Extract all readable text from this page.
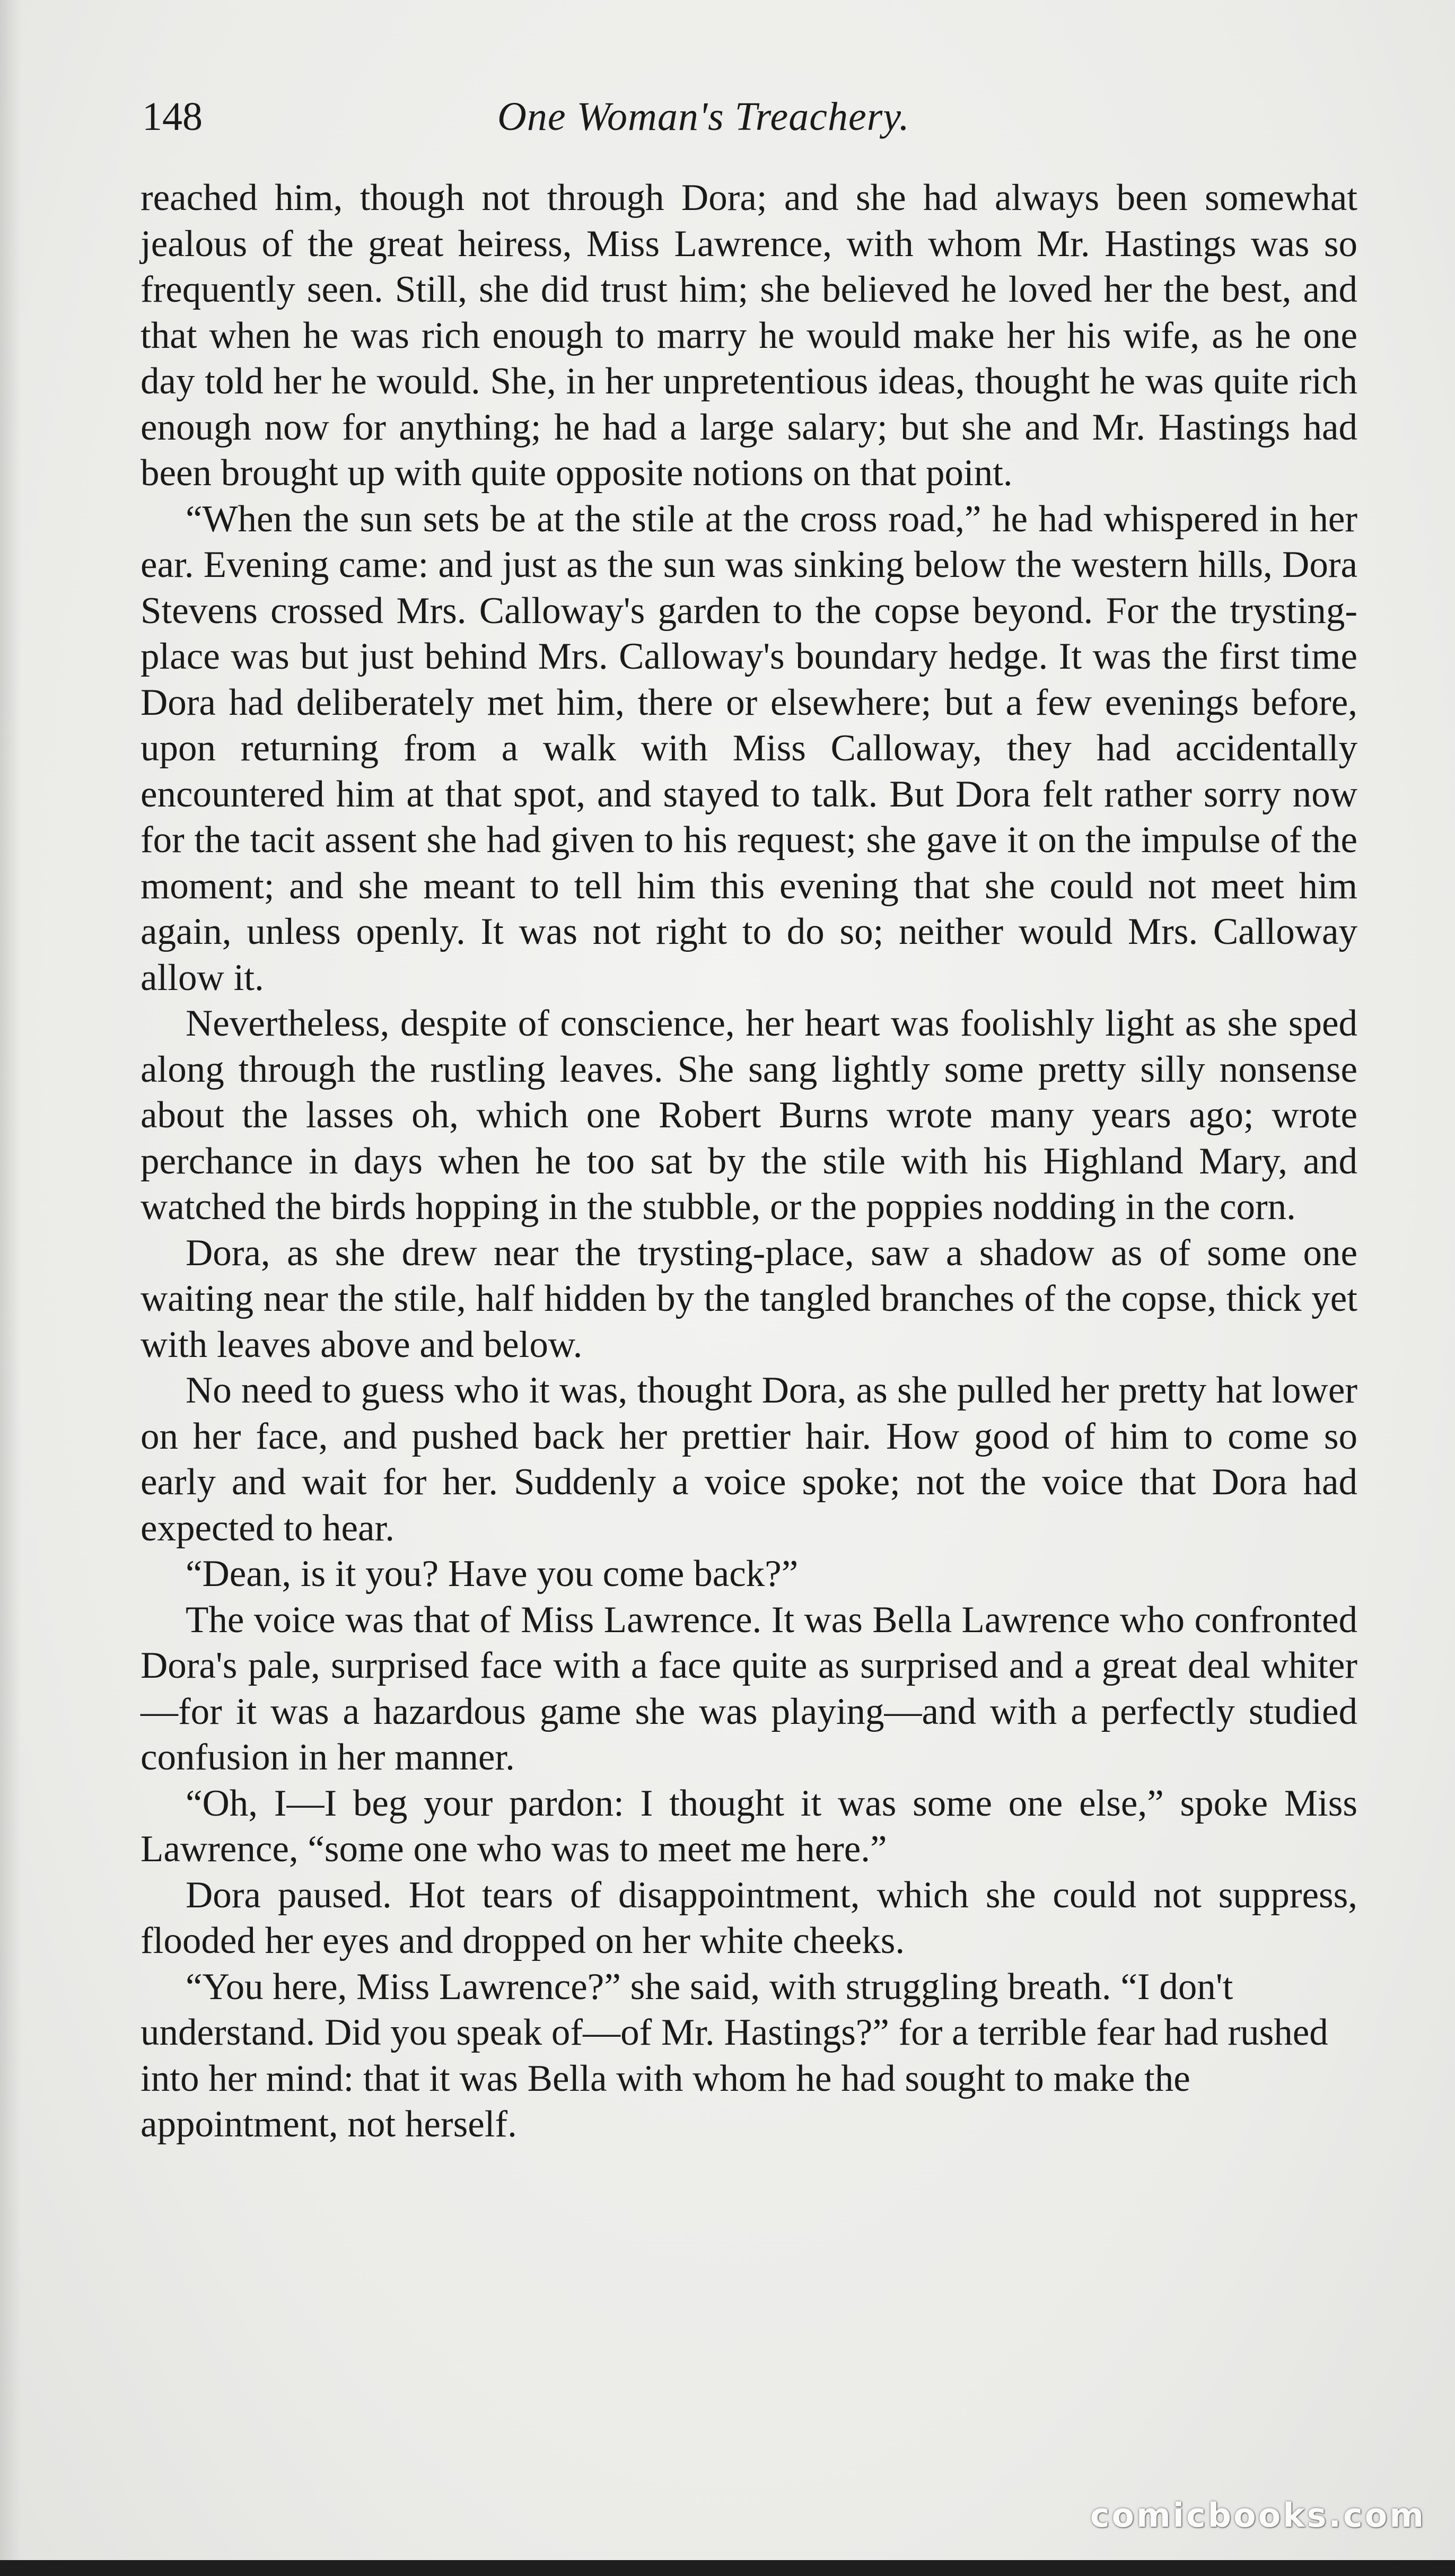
148	One Woman's Treachery.

reached him, though not through Dora; and she had always been somewhat jealous of the great heiress, Miss Lawrence, with whom Mr. Hastings was so frequently seen. Still, she did trust him; she believed he loved her the best, and that when he was rich enough to marry he would make her his wife, as he one day told her he would. She, in her unpretentious ideas, thought he was quite rich enough now for anything; he had a large salary; but she and Mr. Hastings had been brought up with quite opposite notions on that point.

“When the sun sets be at the stile at the cross road,” he had whispered in her ear. Evening came: and just as the sun was sinking below the western hills, Dora Stevens crossed Mrs. Calloway's garden to the copse beyond. For the trysting-place was but just behind Mrs. Calloway's boundary hedge. It was the first time Dora had deliberately met him, there or elsewhere; but a few evenings before, upon returning from a walk with Miss Calloway, they had accidentally encountered him at that spot, and stayed to talk. But Dora felt rather sorry now for the tacit assent she had given to his request; she gave it on the impulse of the moment; and she meant to tell him this evening that she could not meet him again, unless openly. It was not right to do so; neither would Mrs. Calloway allow it.

Nevertheless, despite of conscience, her heart was foolishly light as she sped along through the rustling leaves. She sang lightly some pretty silly nonsense about the lasses oh, which one Robert Burns wrote many years ago; wrote perchance in days when he too sat by the stile with his Highland Mary, and watched the birds hopping in the stubble, or the poppies nodding in the corn.

Dora, as she drew near the trysting-place, saw a shadow as of some one waiting near the stile, half hidden by the tangled branches of the copse, thick yet with leaves above and below.

No need to guess who it was, thought Dora, as she pulled her pretty hat lower on her face, and pushed back her prettier hair. How good of him to come so early and wait for her. Suddenly a voice spoke; not the voice that Dora had expected to hear.

“Dean, is it you? Have you come back?”

The voice was that of Miss Lawrence. It was Bella Lawrence who confronted Dora's pale, surprised face with a face quite as surprised and a great deal whiter—for it was a hazardous game she was playing—and with a perfectly studied confusion in her manner.

“Oh, I—I beg your pardon: I thought it was some one else,” spoke Miss Lawrence, “some one who was to meet me here.”

Dora paused. Hot tears of disappointment, which she could not suppress, flooded her eyes and dropped on her white cheeks.

“You here, Miss Lawrence?” she said, with struggling breath. “I don't understand. Did you speak of—of Mr. Hastings?” for a terrible fear had rushed into her mind: that it was Bella with whom he had sought to make the appointment, not herself.

comicbooks.com
